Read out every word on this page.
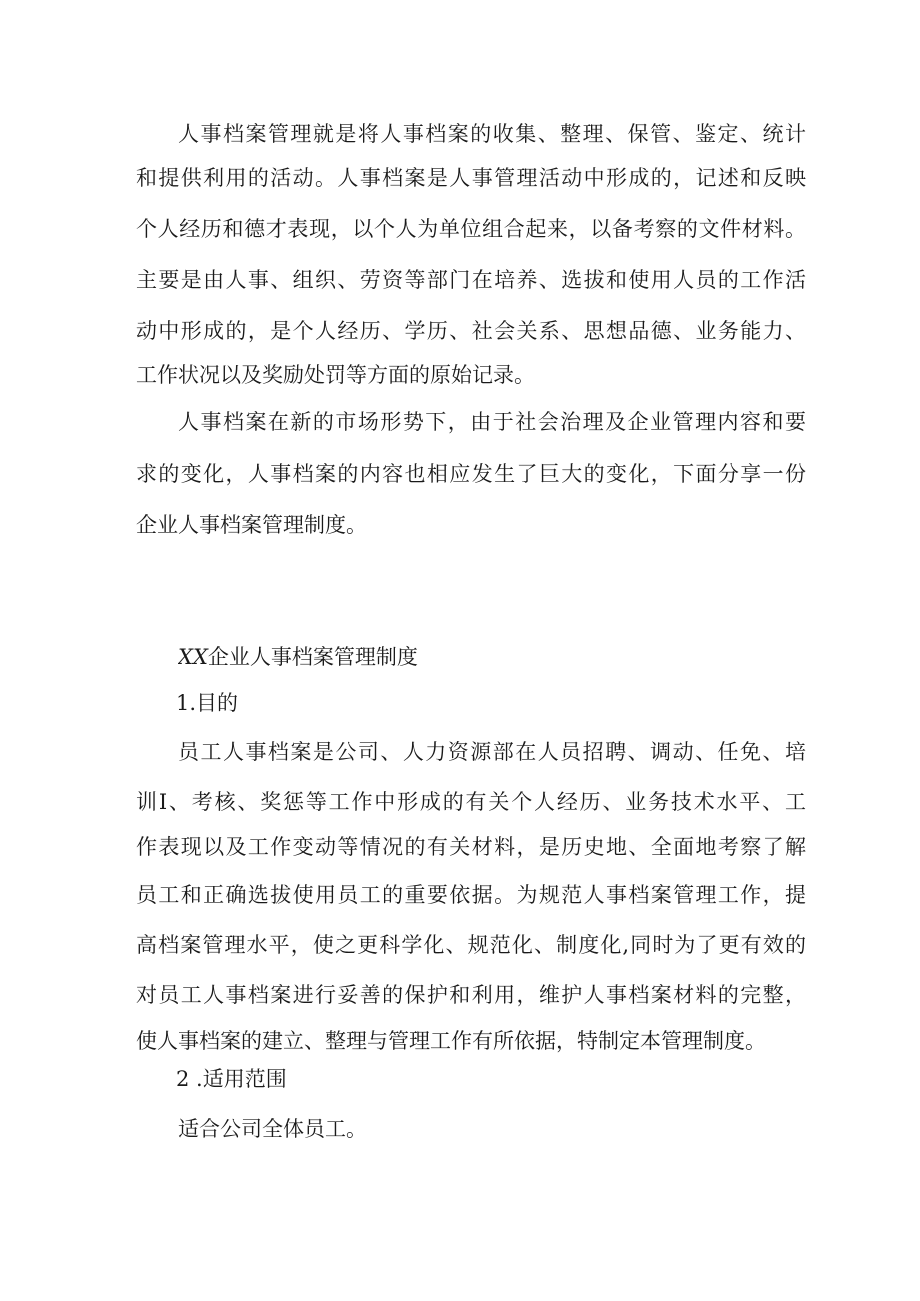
人事档案管理就是将人事档案的收集、整理、保管、鉴定、统计
和提供利用的活动。人事档案是人事管理活动中形成的，记述和反映
个人经历和德才表现，以个人为单位组合起来，以备考察的文件材料。
主要是由人事、组织、劳资等部门在培养、选拔和使用人员的工作活
动中形成的，是个人经历、学历、社会关系、思想品德、业务能力、
工作状况以及奖励处罚等方面的原始记录。
人事档案在新的市场形势下，由于社会治理及企业管理内容和要
求的变化，人事档案的内容也相应发生了巨大的变化，下面分享一份
企业人事档案管理制度。
XX企业人事档案管理制度
1.目的
员工人事档案是公司、人力资源部在人员招聘、调动、任免、培
训I、考核、奖惩等工作中形成的有关个人经历、业务技术水平、工
作表现以及工作变动等情况的有关材料，是历史地、全面地考察了解
员工和正确选拔使用员工的重要依据。为规范人事档案管理工作，提
高档案管理水平，使之更科学化、规范化、制度化,同时为了更有效的
对员工人事档案进行妥善的保护和利用，维护人事档案材料的完整，
使人事档案的建立、整理与管理工作有所依据，特制定本管理制度。
2 .适用范围
适合公司全体员工。
